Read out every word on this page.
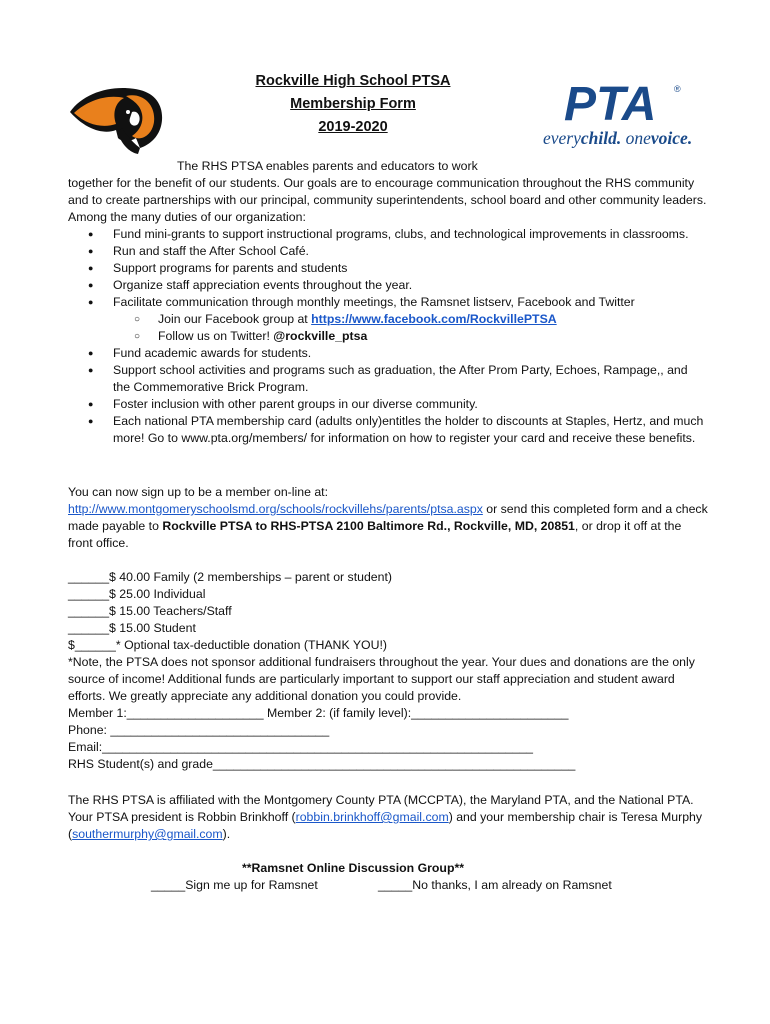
Rockville High School PTSA
Membership Form
2019-2020	PTA ®
everychild. onevoice.

The RHS PTSA enables parents and educators to work

together for the benefit of our students. Our goals are to encourage communication throughout the RHS community and to create partnerships with our principal, community superintendents, school board and other community leaders. Among the many duties of our organization:

● Fund mini-grants to support instructional programs, clubs, and technological improvements in classrooms.
● Run and staff the After School Café.
● Support programs for parents and students
● Organize staff appreciation events throughout the year.
● Facilitate communication through monthly meetings, the Ramsnet listserv, Facebook and Twitter
○ Join our Facebook group at https://www.facebook.com/RockvillePTSA
○ Follow us on Twitter! @rockville_ptsa
● Fund academic awards for students.
● Support school activities and programs such as graduation, the After Prom Party, Echoes, Rampage,, and the Commemorative Brick Program.
● Foster inclusion with other parent groups in our diverse community.
● Each national PTA membership card (adults only)entitles the holder to discounts at Staples, Hertz, and much more! Go to www.pta.org/members/ for information on how to register your card and receive these benefits.

You can now sign up to be a member on-line at:

http://www.montgomeryschoolsmd.org/schools/rockvillehs/parents/ptsa.aspx or send this completed form and a check made payable to Rockville PTSA to RHS-PTSA 2100 Baltimore Rd., Rockville, MD, 20851, or drop it off at the front office.

______$ 40.00 Family (2 memberships – parent or student)

______$ 25.00 Individual

______$ 15.00 Teachers/Staff

______$ 15.00 Student

$______* Optional tax-deductible donation (THANK YOU!)

*Note, the PTSA does not sponsor additional fundraisers throughout the year. Your dues and donations are the only source of income! Additional funds are particularly important to support our staff appreciation and student award efforts. We greatly appreciate any additional donation you could provide.

Member 1:____________________ Member 2: (if family level):_______________________

Phone: ________________________________

Email:_______________________________________________________________

RHS Student(s) and grade_____________________________________________________

The RHS PTSA is affiliated with the Montgomery County PTA (MCCPTA), the Maryland PTA, and the National PTA. Your PTSA president is Robbin Brinkhoff (robbin.brinkhoff@gmail.com) and your membership chair is Teresa Murphy (southermurphy@gmail.com).

**Ramsnet Online Discussion Group**

_____Sign me up for Ramsnet	_____No thanks, I am already on Ramsnet
